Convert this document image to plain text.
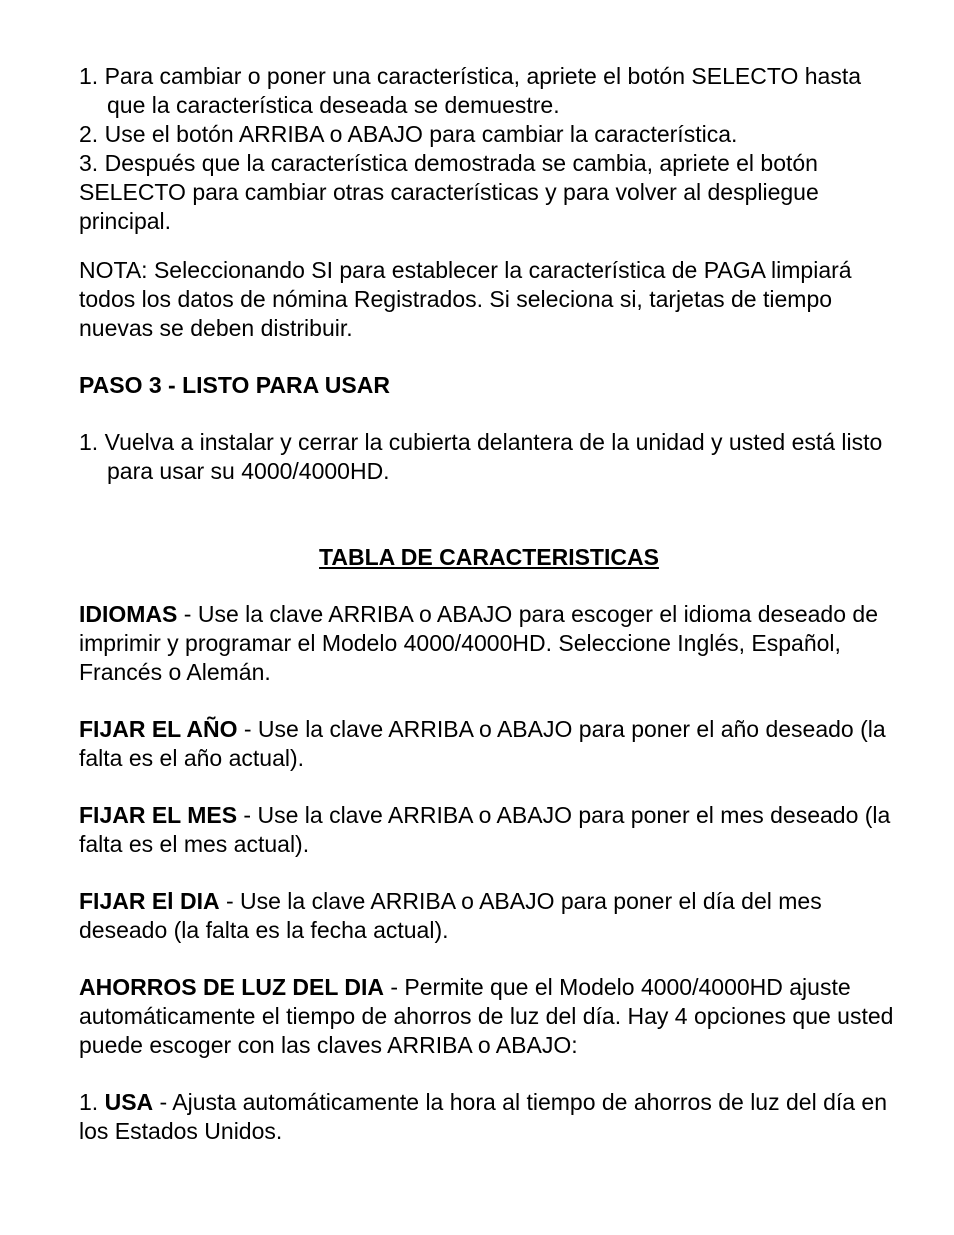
1. Para cambiar o poner una característica, apriete el botón SELECTO hasta que la característica deseada se demuestre.

2. Use el botón ARRIBA o ABAJO para cambiar la característica.

3. Después que la característica demostrada se cambia, apriete el botón SELECTO para cambiar otras características y para volver al despliegue principal.

NOTA: Seleccionando SI para establecer la característica de PAGA limpiará todos los datos de nómina Registrados. Si seleciona si, tarjetas de tiempo nuevas se deben distribuir.

PASO 3 - LISTO PARA USAR

1. Vuelva a instalar y cerrar la cubierta delantera de la unidad y usted está listo para usar su 4000/4000HD.

TABLA DE CARACTERISTICAS

IDIOMAS - Use la clave ARRIBA o ABAJO para escoger el idioma deseado de imprimir y programar el Modelo 4000/4000HD. Seleccione Inglés, Español, Francés o Alemán.

FIJAR EL AÑO - Use la clave ARRIBA o ABAJO para poner el año deseado (la falta es el año actual).

FIJAR EL MES - Use la clave ARRIBA o ABAJO para poner el mes deseado (la falta es el mes actual).

FIJAR El DIA - Use la clave ARRIBA o ABAJO para poner el día del mes deseado (la falta es la fecha actual).

AHORROS DE LUZ DEL DIA - Permite que el Modelo 4000/4000HD ajuste automáticamente el tiempo de ahorros de luz del día. Hay 4 opciones que usted puede escoger con las claves ARRIBA o ABAJO:

1. USA - Ajusta automáticamente la hora al tiempo de ahorros de luz del día en los Estados Unidos.
